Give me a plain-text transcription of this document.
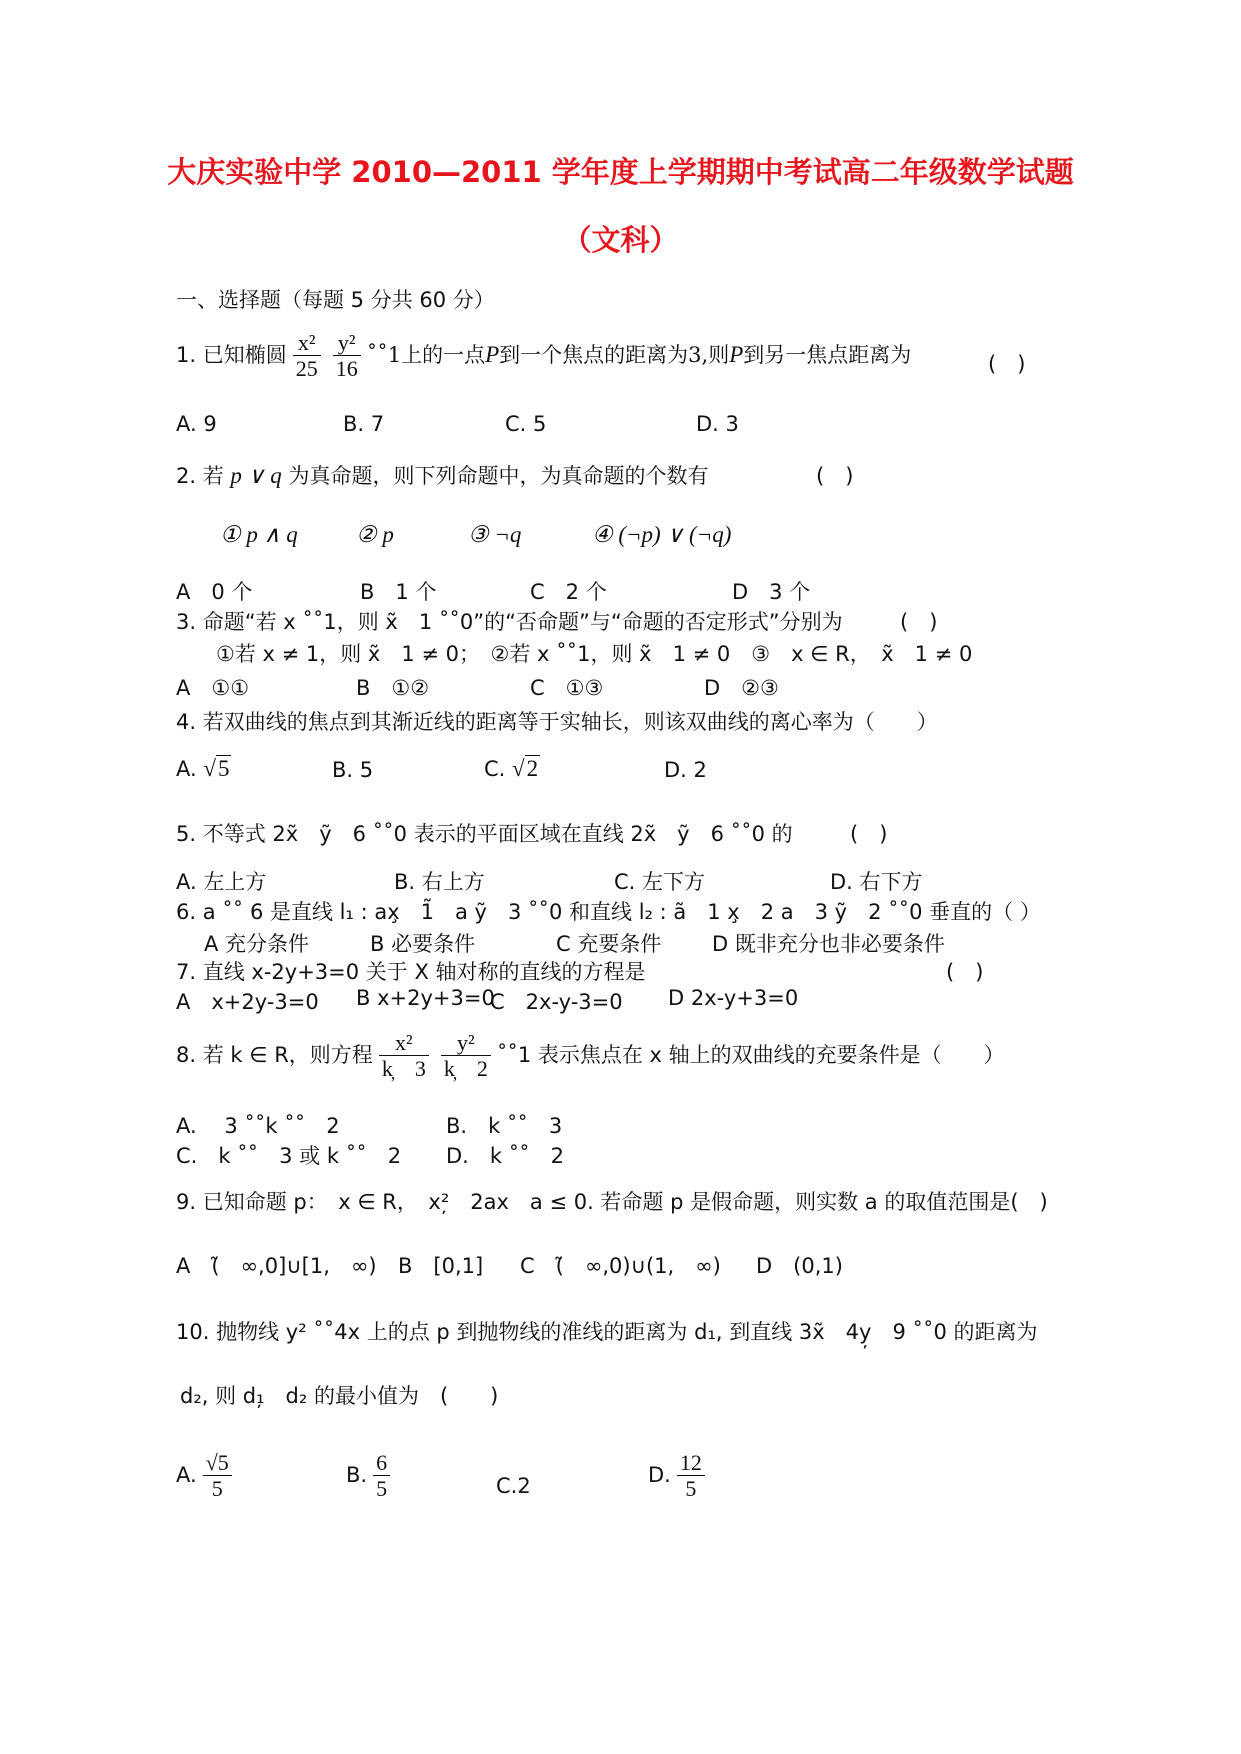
大庆实验中学 2010—2011 学年度上学期期中考试高二年级数学试题
（文科）
一、选择题（每题 5 分共 60 分）
1. 已知椭圆 $\frac{\text{x²}}{25} \frac{\text{y²}}{16}$ ˚˚1上的一点P到一个焦点的距离为3,则P到另一焦点距离为	(　)
A. 9	B. 7	C. 5	D. 3
2. 若 p ∨ q 为真命题，则下列命题中，为真命题的个数有	(　)
① p ∧ q	② p	③ ¬q	④ (¬p) ∨ (¬q)
A　0 个	B　1 个	C　2 个	D　3 个
3. 命题“若 x ˚˚1，则 x̃　1 ˚˚0”的“否命题”与“命题的否定形式”分别为	(　)
①若 x ≠ 1，则 x̃　1 ≠ 0；　②若 x ˚˚1，则 x̃　1 ≠ 0　③　x ∈ R，　x̃　1 ≠ 0
A　①①	B　①②	C　①③	D　②③
4. 若双曲线的焦点到其渐近线的距离等于实轴长，则该双曲线的离心率为（　　）
A. √5	B. 5	C. √2	D. 2
5. 不等式 2x̃　ỹ　6 ˚˚0 表示的平面区域在直线 2x̃　ỹ　6 ˚˚0 的	(　)
A. 左上方	B. 右上方	C. 左下方	D. 右下方
6. a ˚˚ 6 是直线 l₁ : ax̧　1̃　a ỹ　3 ˚˚0 和直线 l₂ : ã　1 x̧　2 a　3 ỹ　2 ˚˚0 垂直的（ ）
A 充分条件	B 必要条件	C 充要条件 D 既非充分也非必要条件
7. 直线 x-2y+3=0 关于 X 轴对称的直线的方程是	(　)
A　x+2y-3=0 B x+2y+3=0
C　2x-y-3=0 D 2x-y+3=0
8. 若 k ∈ R，则方程 $\frac{\text{x²}}{k̦ 3} \frac{\text{y²}}{k̦ 2}$ ˚˚1 表示焦点在 x 轴上的双曲线的充要条件是（　　）
A.　 3 ˚˚k ˚˚　2	B.　k ˚˚　3
C.　k ˚˚　3 或 k ˚˚　2 D.　k ˚˚　2
9. 已知命题 p：　x ∈ R，　x²̦　2ax　a ≤ 0. 若命题 p 是假命题，则实数 a 的取值范围是(　)
A　(̃　∞,0]∪[1,　∞) B　[0,1] C　(̃　∞,0)∪(1,　∞) D　(0,1)
10. 抛物线 y² ˚˚4x 上的点 p 到抛物线的准线的距离为 d₁, 到直线 3x̃　4y̦　9 ˚˚0 的距离为
d₂, 则 d₁̦　d₂ 的最小值为　(　　)
A. $\frac{√5}{5}$	B. $\frac{6}{5}$	C.2	D. $\frac{12}{5}$
